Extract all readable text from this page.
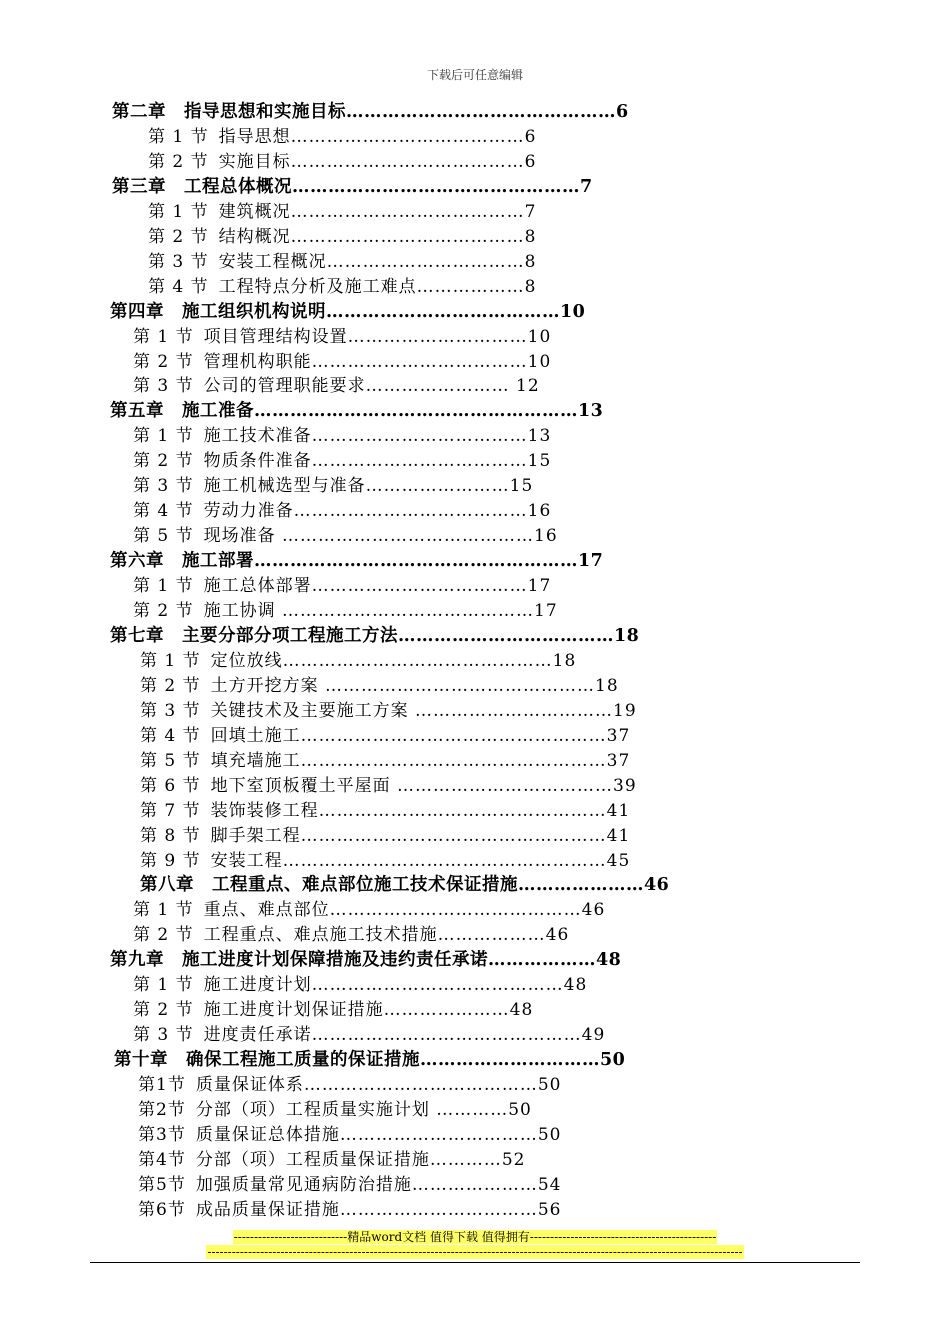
下载后可任意编辑
第二章 指导思想和实施目标………………………………………6
第 1 节 指导思想…………………………………6
第 2 节 实施目标…………………………………6
第三章 工程总体概况…………………………………………7
第 1 节 建筑概况…………………………………7
第 2 节 结构概况…………………………………8
第 3 节 安装工程概况……………………………8
第 4 节 工程特点分析及施工难点………………8
第四章 施工组织机构说明…………………………………10
第 1 节 项目管理结构设置…………………………10
第 2 节 管理机构职能………………………………10
第 3 节 公司的管理职能要求…………………… 12
第五章 施工准备………………………………………………13
第 1 节 施工技术准备………………………………13
第 2 节 物质条件准备………………………………15
第 3 节 施工机械选型与准备……………………15
第 4 节 劳动力准备…………………………………16
第 5 节 现场准备 ……………………………………16
第六章 施工部署………………………………………………17
第 1 节 施工总体部署………………………………17
第 2 节 施工协调 ……………………………………17
第七章 主要分部分项工程施工方法………………………………18
第 1 节 定位放线………………………………………18
第 2 节 土方开挖方案 ………………………………………18
第 3 节 关键技术及主要施工方案 ……………………………19
第 4 节 回填土施工……………………………………………37
第 5 节 填充墙施工……………………………………………37
第 6 节 地下室顶板覆土平屋面 ………………………………39
第 7 节 装饰装修工程…………………………………………41
第 8 节 脚手架工程……………………………………………41
第 9 节 安装工程………………………………………………45
第八章 工程重点、难点部位施工技术保证措施…………………46
第 1 节 重点、难点部位……………………………………46
第 2 节 工程重点、难点施工技术措施………………46
第九章 施工进度计划保障措施及违约责任承诺………………48
第 1 节 施工进度计划……………………………………48
第 2 节 施工进度计划保证措施…………………48
第 3 节 进度责任承诺………………………………………49
第十章 确保工程施工质量的保证措施…………………………50
第1节 质量保证体系…………………………………50
第2节 分部（项）工程质量实施计划 …………50
第3节 质量保证总体措施……………………………50
第4节 分部（项）工程质量保证措施…………52
第5节 加强质量常见通病防治措施…………………54
第6节 成品质量保证措施……………………………56
----------------------------精品word文档 值得下载 值得拥有----------------------------------------------
------------------------------------------------------------------------------------------------------------------------------------
